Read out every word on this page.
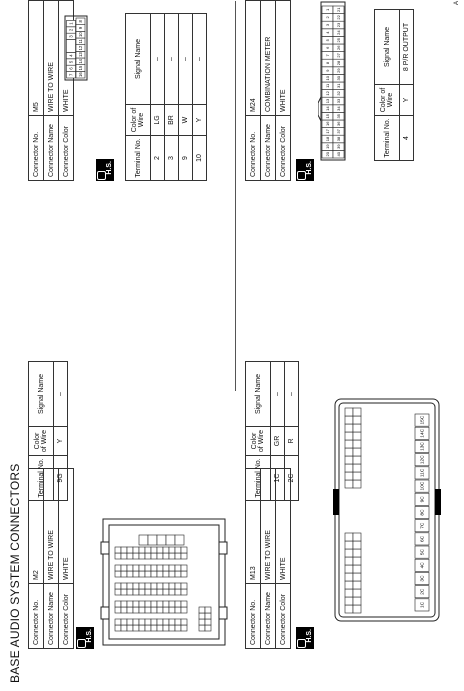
BASE AUDIO SYSTEM CONNECTORS Connector No.	M2
Connector Name	WIRE TO WIRE
Connector Color	WHITE
H.S.
Terminal No.	Color of Wire	Signal Name
9G	Y	–
Connector No.	M5
Connector Name	WIRE TO WIRE
Connector Color	WHITE
7
6
5
4
3
2
1
16
15
14
13
12
11
10
9
8
H.S.	Terminal No.	Color of Wire	Signal Name
2	LG	–
3	BR	–
9	W	–
10	Y	–
Connector No.	M13
Connector Name	WIRE TO WIRE
Connector Color	WHITE
H.S.
1C
2C
3C
4C
5C
6C
7C
8C
9C
10C
11C
12C
13C
14C
15C
Terminal No.	Color of Wire	Signal Name
1C	GR	–
2C	R	–
Connector No.	M24
Connector Name	COMBINATION METER
Connector Color	WHITE
H.S.
20
19
18
17
16
15
14
13
12
11
10
9
8
7
6
5
4
3
2
1
40
39
38
37
36
35
34
33
32
31
30
29
28
27
26
25
24
23
22
21
Terminal No.	Color of Wire	Signal Name
4	Y	8 P/R OUTPUT
A
